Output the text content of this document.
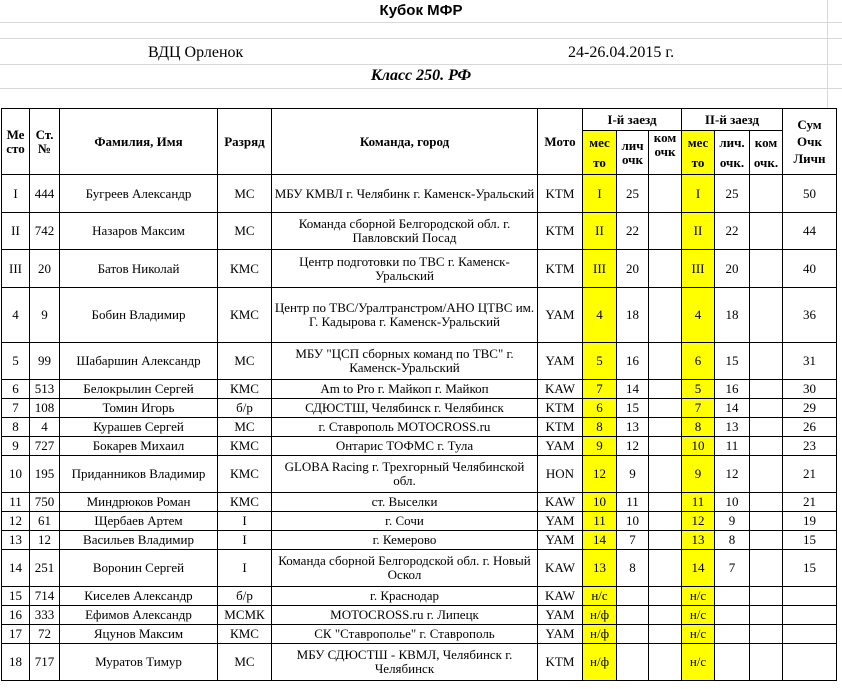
Кубок МФР
ВДЦ Орленок	24-26.04.2015 г.
Класс 250. РФ
Ме сто	Ст. №	Фамилия, Имя	Разряд	Команда, город	Мото	I-й заезд			II-й заезд			Сум Очк Личн
						мес то	лич очк	ком очк	мес то	лич. очк.	ком очк.	
I	444	Бугреев Александр	МС	МБУ КМВЛ г. Челябинк г. Каменск-Уральский	KTM	I	25		I	25		50
II	742	Назаров Максим	МС	Команда сборной Белгородской обл. г. Павловский Посад	KTM	II	22		II	22		44
III	20	Батов Николай	КМС	Центр подготовки по ТВС г. Каменск-Уральский	KTM	III	20		III	20		40
4	9	Бобин Владимир	КМС	Центр по ТВС/Уралтранстром/АНО ЦТВС им. Г. Кадырова г. Каменск-Уральский	YAM	4	18		4	18		36
5	99	Шабаршин Александр	МС	МБУ "ЦСП сборных команд по ТВС" г. Каменск-Уральский	YAM	5	16		6	15		31
6	513	Белокрылин Сергей	КМС	Am to Pro г. Майкоп г. Майкоп	KAW	7	14		5	16		30
7	108	Томин Игорь	б/р	СДЮСТШ, Челябинск г. Челябинск	KTM	6	15		7	14		29
8	4	Курашев Сергей	МС	г. Ставрополь MOTOCROSS.ru	KTM	8	13		8	13		26
9	727	Бокарев Михаил	КМС	Онтарис ТОФМС г. Тула	YAM	9	12		10	11		23
10	195	Приданников Владимир	КМС	GLOBA Racing г. Трехгорный Челябинской обл.	HON	12	9		9	12		21
11	750	Миндрюков Роман	КМС	ст. Выселки	KAW	10	11		11	10		21
12	61	Щербаев Артем	I	г. Сочи	YAM	11	10		12	9		19
13	12	Васильев Владимир	I	г. Кемерово	YAM	14	7		13	8		15
14	251	Воронин Сергей	I	Команда сборной Белгородской обл. г. Новый Оскол	KAW	13	8		14	7		15
15	714	Киселев Александр	б/р	г. Краснодар	KAW	н/с			н/с			
16	333	Ефимов Александр	МСМК	MOTOCROSS.ru г. Липецк	YAM	н/ф			н/с			
17	72	Яцунов Максим	КМС	СК "Ставрополье" г. Ставрополь	YAM	н/ф			н/с			
18	717	Муратов Тимур	МС	МБУ СДЮСТШ - КВМЛ, Челябинск г. Челябинск	KTM	н/ф			н/с			
